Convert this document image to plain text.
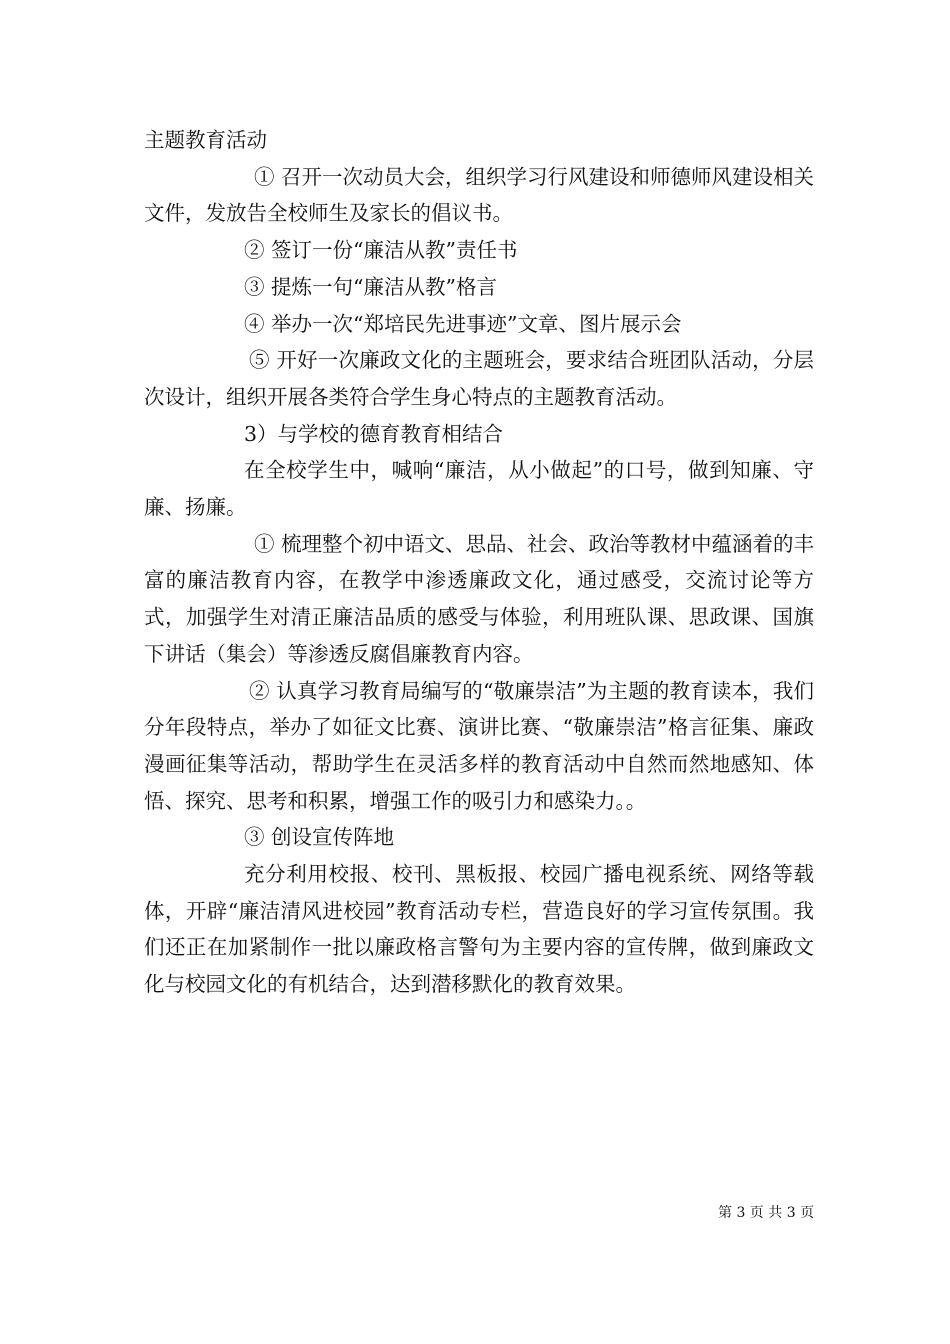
主题教育活动

① 召开一次动员大会，组织学习行风建设和师德师风建设相关文件，发放告全校师生及家长的倡议书。

② 签订一份“廉洁从教”责任书

③ 提炼一句“廉洁从教”格言

④ 举办一次“郑培民先进事迹”文章、图片展示会

⑤ 开好一次廉政文化的主题班会，要求结合班团队活动，分层次设计，组织开展各类符合学生身心特点的主题教育活动。

3）与学校的德育教育相结合

在全校学生中，喊响“廉洁，从小做起”的口号，做到知廉、守廉、扬廉。

① 梳理整个初中语文、思品、社会、政治等教材中蕴涵着的丰富的廉洁教育内容，在教学中渗透廉政文化，通过感受，交流讨论等方式，加强学生对清正廉洁品质的感受与体验，利用班队课、思政课、国旗下讲话（集会）等渗透反腐倡廉教育内容。

② 认真学习教育局编写的“敬廉崇洁”为主题的教育读本，我们分年段特点，举办了如征文比赛、演讲比赛、“敬廉崇洁”格言征集、廉政漫画征集等活动，帮助学生在灵活多样的教育活动中自然而然地感知、体悟、探究、思考和积累，增强工作的吸引力和感染力。。

③ 创设宣传阵地

充分利用校报、校刊、黑板报、校园广播电视系统、网络等载体，开辟“廉洁清风进校园”教育活动专栏，营造良好的学习宣传氛围。我们还正在加紧制作一批以廉政格言警句为主要内容的宣传牌，做到廉政文化与校园文化的有机结合，达到潜移默化的教育效果。

第 3 页 共 3 页
